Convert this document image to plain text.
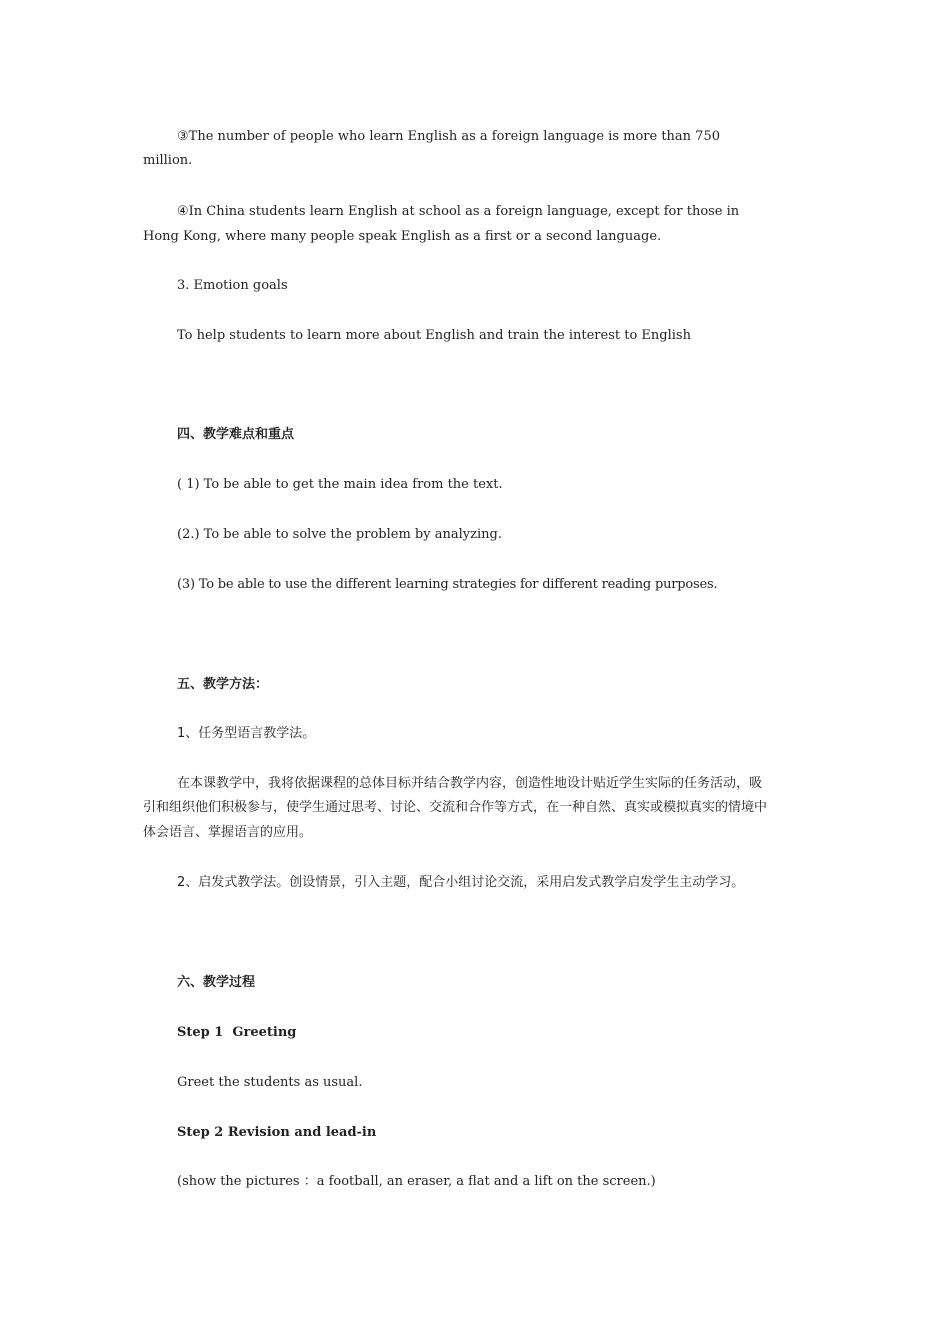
③The number of people who learn English as a foreign language is more than 750

million.

④In China students learn English at school as a foreign language, except for those in

Hong Kong, where many people speak English as a first or a second language.

3. Emotion goals

To help students to learn more about English and train the interest to English

四、教学难点和重点

( 1) To be able to get the main idea from the text.

(2.) To be able to solve the problem by analyzing.

(3) To be able to use the different learning strategies for different reading purposes.

五、教学方法：

1、任务型语言教学法。

在本课教学中，我将依据课程的总体目标并结合教学内容，创造性地设计贴近学生实际的任务活动，吸

引和组织他们积极参与，使学生通过思考、讨论、交流和合作等方式，在一种自然、真实或模拟真实的情境中

体会语言、掌握语言的应用。

2、启发式教学法。创设情景，引入主题，配合小组讨论交流，采用启发式教学启发学生主动学习。

六、教学过程

Step 1  Greeting

Greet the students as usual.

Step 2 Revision and lead-in

(show the pictures ：a football, an eraser, a flat and a lift on the screen.)
